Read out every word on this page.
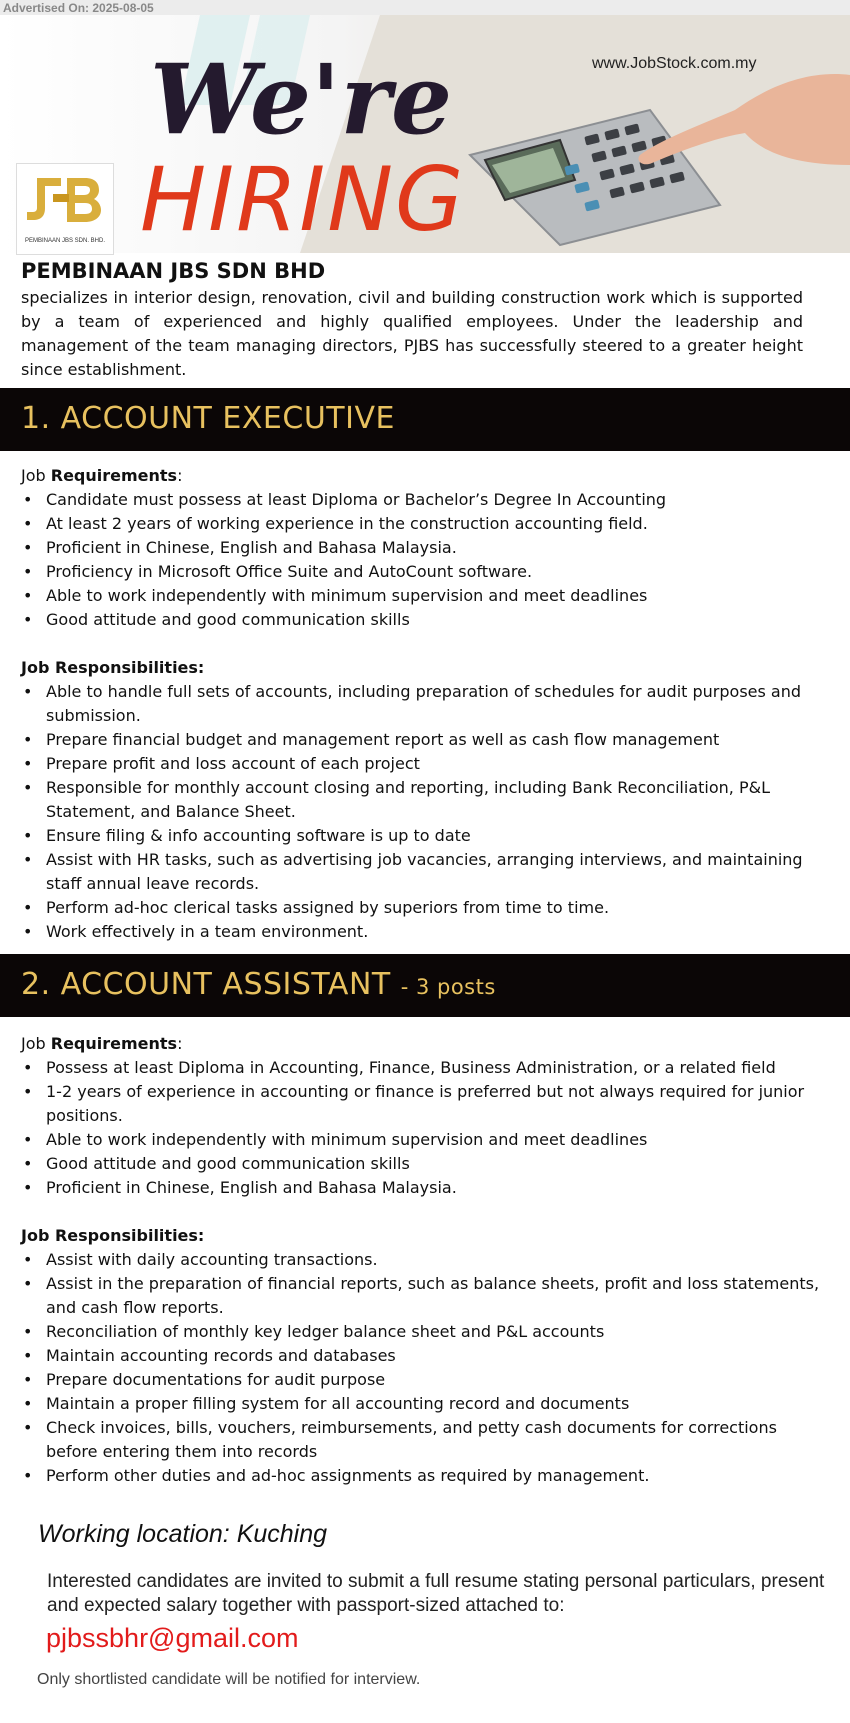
Advertised On: 2025-08-05
We're
HIRING
www.JobStock.com.my
PEMBINAAN JBS SDN. BHD.
PEMBINAAN JBS SDN BHD
specializes in interior design, renovation, civil and building construction work which is supported by a team of experienced and highly qualified employees. Under the leadership and management of the team managing directors, PJBS has successfully steered to a greater height since establishment.
1. ACCOUNT EXECUTIVE

Job Requirements:

• Candidate must possess at least Diploma or Bachelor’s Degree In Accounting
• At least 2 years of working experience in the construction accounting field.
• Proficient in Chinese, English and Bahasa Malaysia.
• Proficiency in Microsoft Office Suite and AutoCount software.
• Able to work independently with minimum supervision and meet deadlines
• Good attitude and good communication skills

Job Responsibilities:

• Able to handle full sets of accounts, including preparation of schedules for audit purposes and submission.
• Prepare financial budget and management report as well as cash flow management
• Prepare profit and loss account of each project
• Responsible for monthly account closing and reporting, including Bank Reconciliation, P&L Statement, and Balance Sheet.
• Ensure filing & info accounting software is up to date
• Assist with HR tasks, such as advertising job vacancies, arranging interviews, and maintaining staff annual leave records.
• Perform ad-hoc clerical tasks assigned by superiors from time to time.
• Work effectively in a team environment.
2. ACCOUNT ASSISTANT - 3 posts

Job Requirements:

• Possess at least Diploma in Accounting, Finance, Business Administration, or a related field
• 1-2 years of experience in accounting or finance is preferred but not always required for junior positions.
• Able to work independently with minimum supervision and meet deadlines
• Good attitude and good communication skills
• Proficient in Chinese, English and Bahasa Malaysia.

Job Responsibilities:

• Assist with daily accounting transactions.
• Assist in the preparation of financial reports, such as balance sheets, profit and loss statements, and cash flow reports.
• Reconciliation of monthly key ledger balance sheet and P&L accounts
• Maintain accounting records and databases
• Prepare documentations for audit purpose
• Maintain a proper filling system for all accounting record and documents
• Check invoices, bills, vouchers, reimbursements, and petty cash documents for corrections before entering them into records
• Perform other duties and ad-hoc assignments as required by management.
Working location: Kuching
Interested candidates are invited to submit a full resume stating personal particulars, present and expected salary together with passport-sized attached to:
pjbssbhr@gmail.com
Only shortlisted candidate will be notified for interview.
